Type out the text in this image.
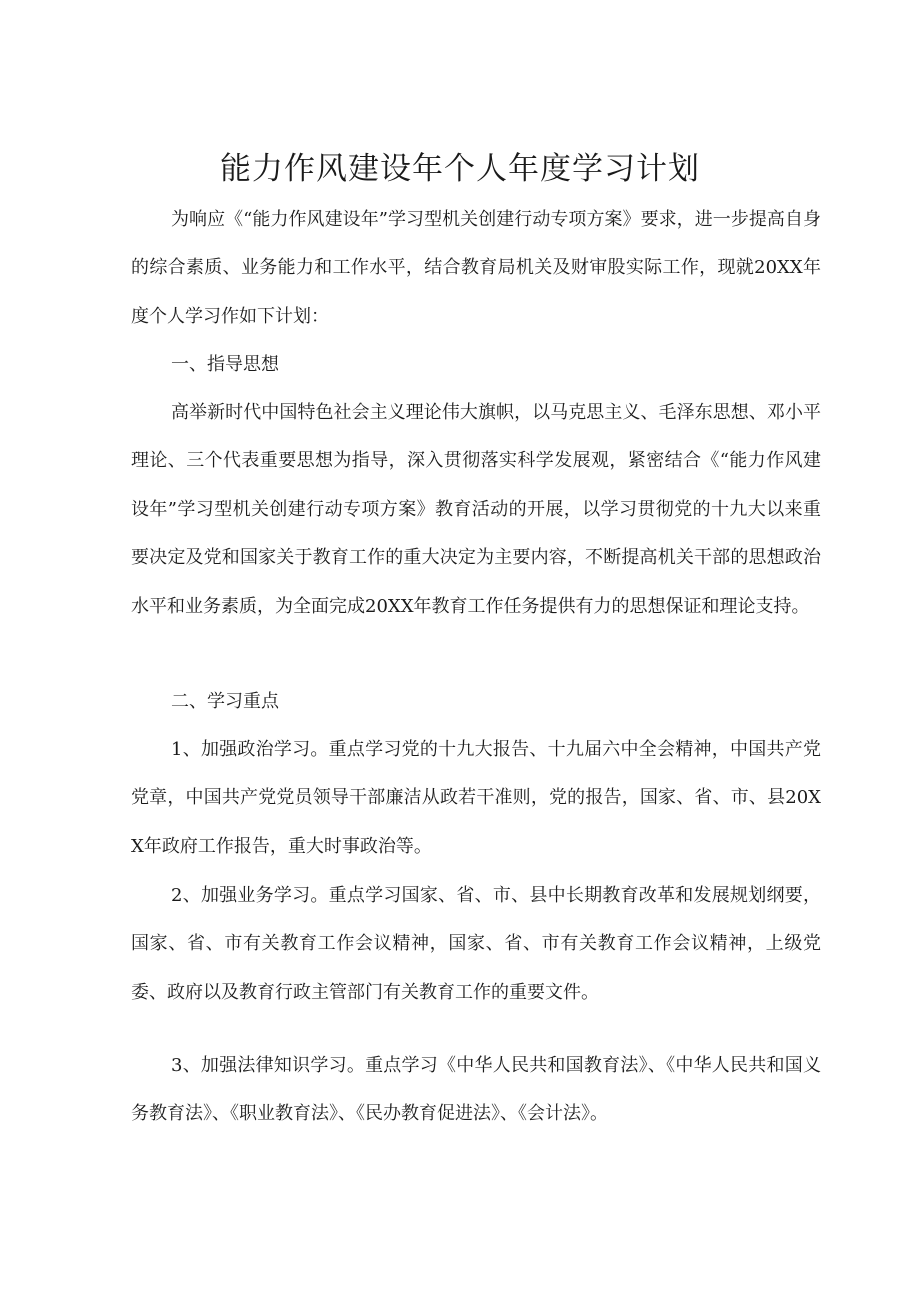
能力作风建设年个人年度学习计划

为响应《“能力作风建设年”学习型机关创建行动专项方案》要求，进一步提高自身的综合素质、业务能力和工作水平，结合教育局机关及财审股实际工作，现就20XX年度个人学习作如下计划：

一、指导思想

高举新时代中国特色社会主义理论伟大旗帜，以马克思主义、毛泽东思想、邓小平理论、三个代表重要思想为指导，深入贯彻落实科学发展观，紧密结合《“能力作风建设年”学习型机关创建行动专项方案》教育活动的开展，以学习贯彻党的十九大以来重要决定及党和国家关于教育工作的重大决定为主要内容，不断提高机关干部的思想政治水平和业务素质，为全面完成20XX年教育工作任务提供有力的思想保证和理论支持。

二、学习重点

1、加强政治学习。重点学习党的十九大报告、十九届六中全会精神，中国共产党党章，中国共产党党员领导干部廉洁从政若干准则，党的报告，国家、省、市、县20XX年政府工作报告，重大时事政治等。

2、加强业务学习。重点学习国家、省、市、县中长期教育改革和发展规划纲要，国家、省、市有关教育工作会议精神，国家、省、市有关教育工作会议精神，上级党委、政府以及教育行政主管部门有关教育工作的重要文件。

3、加强法律知识学习。重点学习《中华人民共和国教育法》、《中华人民共和国义务教育法》、《职业教育法》、《民办教育促进法》、《会计法》。
